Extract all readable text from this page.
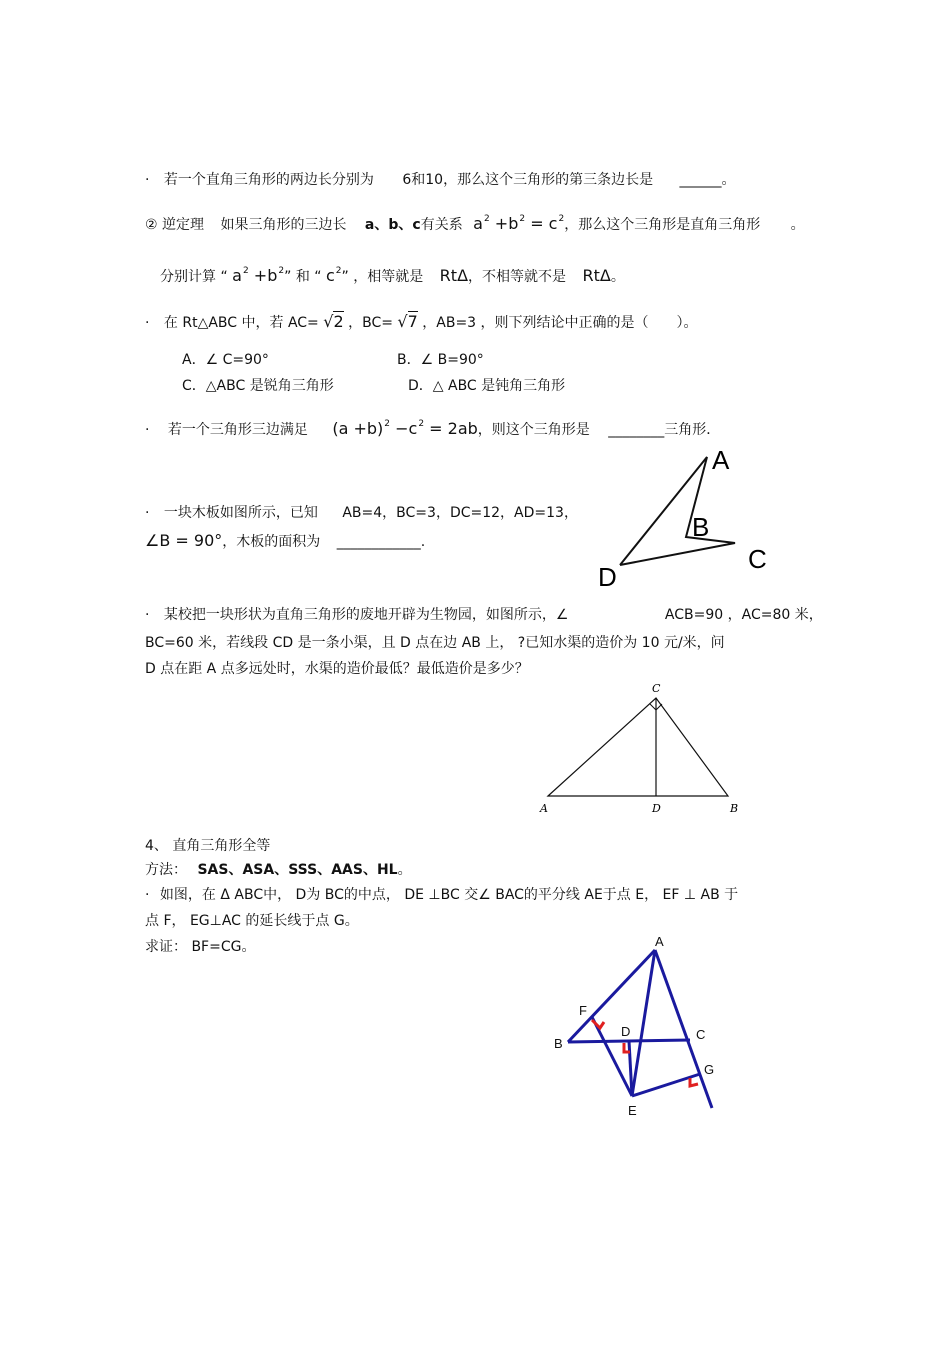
· 若一个直角三角形的两边长分别为 6和10，那么这个三角形的第三条边长是 ______。
② 逆定理 如果三角形的三边长 a、b、c有关系 $a^2 +b^2 = c^2$，那么这个三角形是直角三角形 。
分别计算 “ $a^2 +b^2$” 和 “ $c^2$” ，相等就是 RtΔ，不相等就不是 RtΔ。
· 在 Rt△ABC 中，若 AC= √2 ，BC= √7 ，AB=3 ，则下列结论中正确的是（　　）。
A．∠ C=90°	B．∠ B=90°
C．△ABC 是锐角三角形	D．△ ABC 是钝角三角形
· 若一个三角形三边满足 $(a +b)^2 -c^2 = 2ab$，则这个三角形是 ________三角形．
· 一块木板如图所示，已知 AB=4，BC=3，DC=12，AD=13，
∠B = 90°，木板的面积为 ____________.
A
B
C
D
· 某校把一块形状为直角三角形的废地开辟为生物园，如图所示，∠	ACB=90 ，AC=80 米，
BC=60 米，若线段 CD 是一条小渠，且 D 点在边 AB 上， ?已知水渠的造价为 10 元/米，问
D 点在距 A 点多远处时，水渠的造价最低？最低造价是多少？
C
A	D	B
4、 直角三角形全等
方法： SAS、ASA、SSS、AAS、HL。
· 如图，在 Δ ABC中， D为 BC的中点， DE ⊥BC 交∠ BAC的平分线 AE于点 E， EF ⊥ AB 于
点 F， EG⊥AC 的延长线于点 G。
求证： BF=CG。	A
F
D
B
C
G
E
